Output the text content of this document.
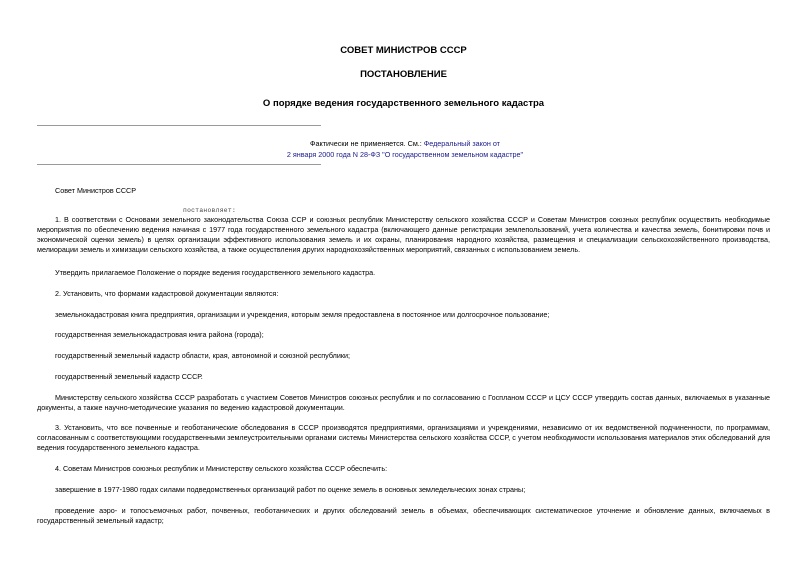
СОВЕТ МИНИСТРОВ СССР
ПОСТАНОВЛЕНИЕ
О порядке ведения государственного земельного кадастра
Фактически не применяется. См.: Федеральный закон от
2 января 2000 года N 28-ФЗ "О государственном земельном кадастре"

Совет Министров СССР

постановляет:

1. В соответствии с Основами земельного законодательства Союза ССР и союзных республик Министерству сельского хозяйства СССР и Советам Министров союзных республик осуществить необходимые мероприятия по обеспечению ведения начиная с 1977 года государственного земельного кадастра (включающего данные регистрации землепользований, учета количества и качества земель, бонитировки почв и экономической оценки земель) в целях организации эффективного использования земель и их охраны, планирования народного хозяйства, размещения и специализации сельскохозяйственного производства, мелиорации земель и химизации сельского хозяйства, а также осуществления других народнохозяйственных мероприятий, связанных с использованием земель.

Утвердить прилагаемое Положение о порядке ведения государственного земельного кадастра.

2. Установить, что формами кадастровой документации являются:

земельнокадастровая книга предприятия, организации и учреждения, которым земля предоставлена в постоянное или долгосрочное пользование;

государственная земельнокадастровая книга района (города);

государственный земельный кадастр области, края, автономной и союзной республики;

государственный земельный кадастр СССР.

Министерству сельского хозяйства СССР разработать с участием Советов Министров союзных республик и по согласованию с Госпланом СССР и ЦСУ СССР утвердить состав данных, включаемых в указанные документы, а также научно-методические указания по ведению кадастровой документации.

3. Установить, что все почвенные и геоботанические обследования в СССР производятся предприятиями, организациями и учреждениями, независимо от их ведомственной подчиненности, по программам, согласованным с соответствующими государственными землеустроительными органами системы Министерства сельского хозяйства СССР, с учетом необходимости использования материалов этих обследований для ведения государственного земельного кадастра.

4. Советам Министров союзных республик и Министерству сельского хозяйства СССР обеспечить:

завершение в 1977-1980 годах силами подведомственных организаций работ по оценке земель в основных земледельческих зонах страны;

проведение аэро- и топосъемочных работ, почвенных, геоботанических и других обследований земель в объемах, обеспечивающих систематическое уточнение и обновление данных, включаемых в государственный земельный кадастр;
